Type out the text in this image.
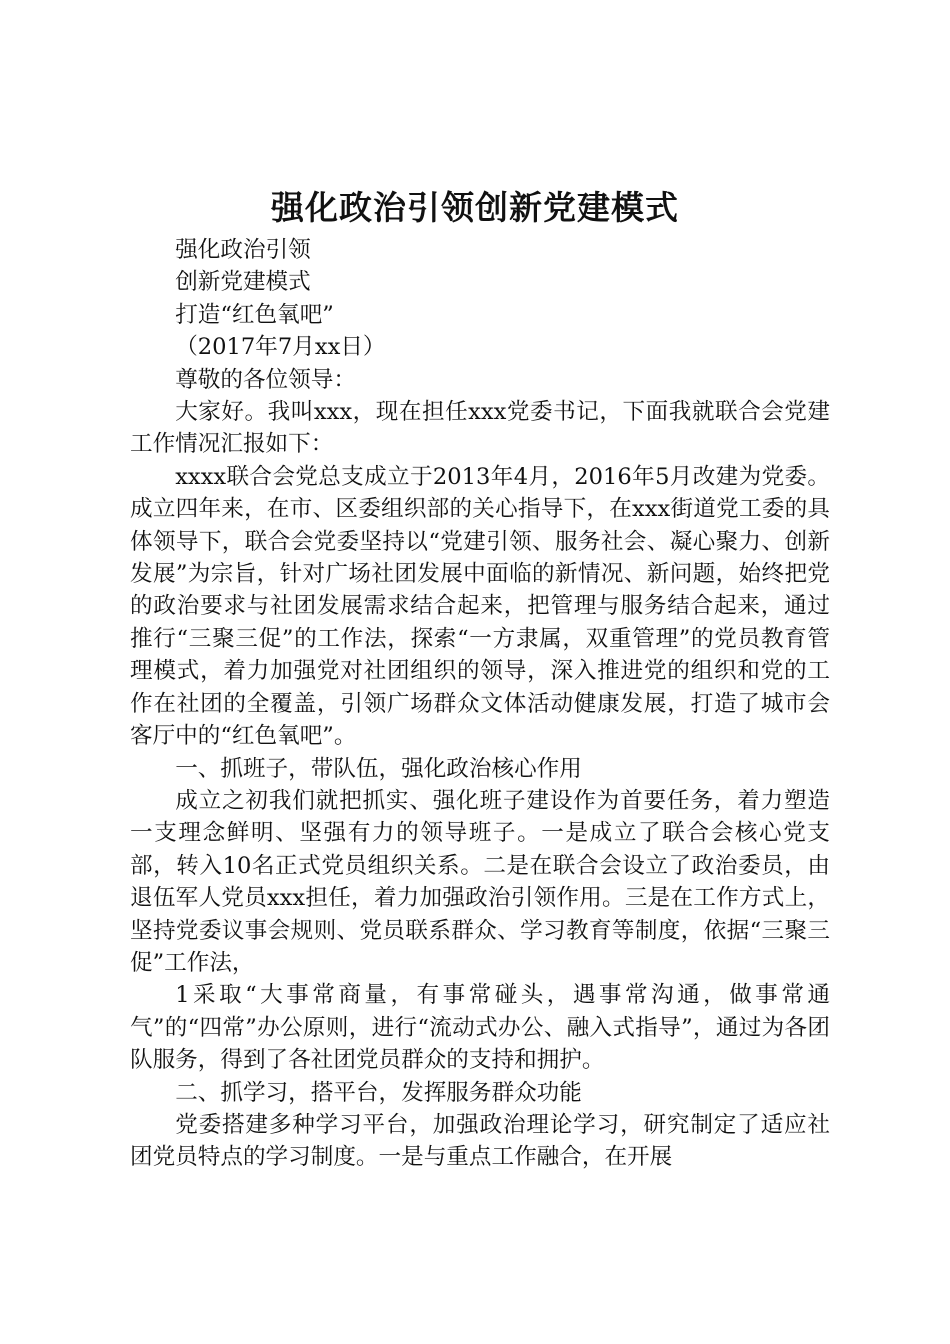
强化政治引领创新党建模式

强化政治引领

创新党建模式

打造“红色氧吧”

（2017年7月xx日）

尊敬的各位领导：

大家好。我叫xxx，现在担任xxx党委书记，下面我就联合会党建工作情况汇报如下：

xxxx联合会党总支成立于2013年4月，2016年5月改建为党委。成立四年来，在市、区委组织部的关心指导下，在xxx街道党工委的具体领导下，联合会党委坚持以“党建引领、服务社会、凝心聚力、创新发展”为宗旨，针对广场社团发展中面临的新情况、新问题，始终把党的政治要求与社团发展需求结合起来，把管理与服务结合起来，通过推行“三聚三促”的工作法，探索“一方隶属，双重管理”的党员教育管理模式，着力加强党对社团组织的领导，深入推进党的组织和党的工作在社团的全覆盖，引领广场群众文体活动健康发展，打造了城市会客厅中的“红色氧吧”。

一、抓班子，带队伍，强化政治核心作用

成立之初我们就把抓实、强化班子建设作为首要任务，着力塑造一支理念鲜明、坚强有力的领导班子。一是成立了联合会核心党支部，转入10名正式党员组织关系。二是在联合会设立了政治委员，由退伍军人党员xxx担任，着力加强政治引领作用。三是在工作方式上，坚持党委议事会规则、党员联系群众、学习教育等制度，依据“三聚三促”工作法，

1采取“大事常商量，有事常碰头，遇事常沟通，做事常通气”的“四常”办公原则，进行“流动式办公、融入式指导”，通过为各团队服务，得到了各社团党员群众的支持和拥护。

二、抓学习，搭平台，发挥服务群众功能

党委搭建多种学习平台，加强政治理论学习，研究制定了适应社团党员特点的学习制度。一是与重点工作融合，在开展
